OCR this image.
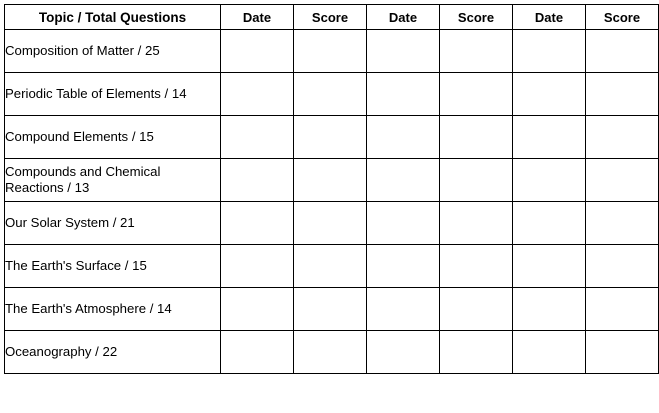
Topic / Total Questions	Date	Score	Date	Score	Date	Score
Composition of Matter / 25						
Periodic Table of Elements / 14						
Compound Elements / 15						
Compounds and Chemical Reactions / 13						
Our Solar System / 21						
The Earth's Surface / 15						
The Earth's Atmosphere / 14						
Oceanography / 22						
